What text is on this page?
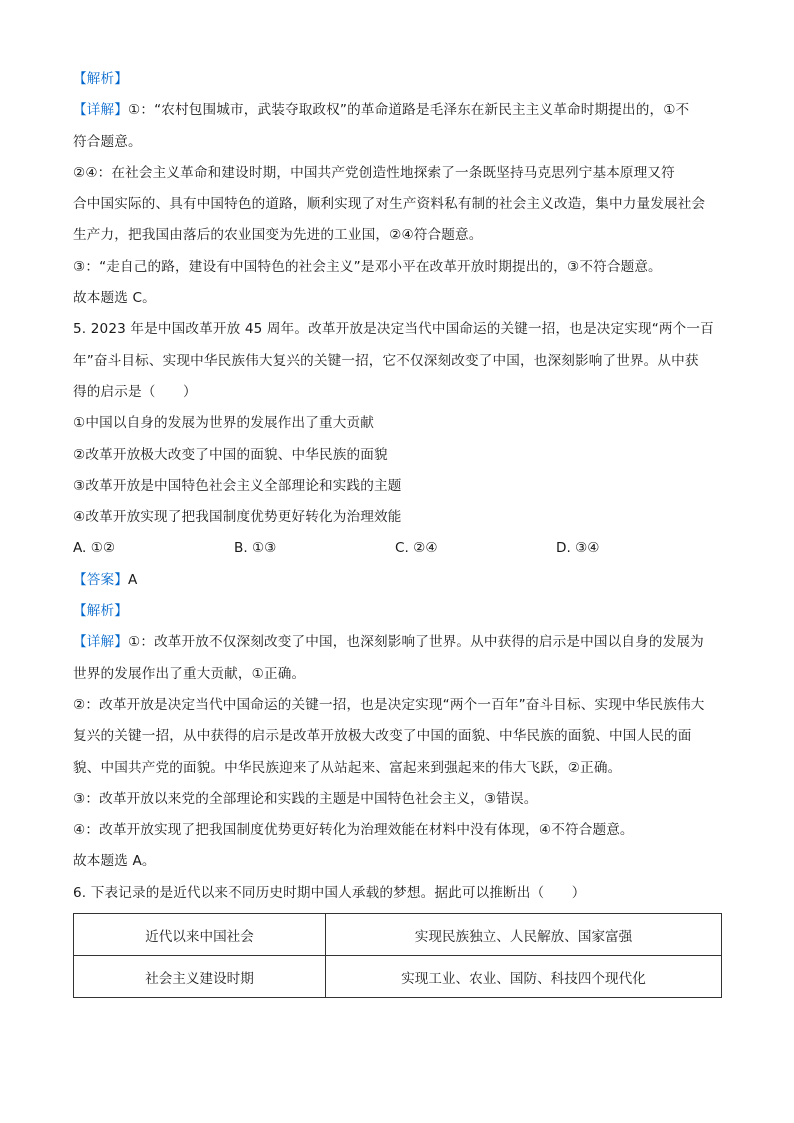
【解析】
【详解】①：“农村包围城市，武装夺取政权”的革命道路是毛泽东在新民主主义革命时期提出的，①不
符合题意。
②④：在社会主义革命和建设时期，中国共产党创造性地探索了一条既坚持马克思列宁基本原理又符
合中国实际的、具有中国特色的道路，顺利实现了对生产资料私有制的社会主义改造，集中力量发展社会
生产力，把我国由落后的农业国变为先进的工业国，②④符合题意。
③：“走自己的路，建设有中国特色的社会主义”是邓小平在改革开放时期提出的，③不符合题意。
故本题选 C。
5. 2023 年是中国改革开放 45 周年。改革开放是决定当代中国命运的关键一招，也是决定实现“两个一百
年”奋斗目标、实现中华民族伟大复兴的关键一招，它不仅深刻改变了中国，也深刻影响了世界。从中获
得的启示是（　　）
①中国以自身的发展为世界的发展作出了重大贡献
②改革开放极大改变了中国的面貌、中华民族的面貌
③改革开放是中国特色社会主义全部理论和实践的主题
④改革开放实现了把我国制度优势更好转化为治理效能
A. ①②	B. ①③	C. ②④	D. ③④
【答案】A
【解析】
【详解】①：改革开放不仅深刻改变了中国，也深刻影响了世界。从中获得的启示是中国以自身的发展为
世界的发展作出了重大贡献，①正确。
②：改革开放是决定当代中国命运的关键一招，也是决定实现“两个一百年”奋斗目标、实现中华民族伟大
复兴的关键一招，从中获得的启示是改革开放极大改变了中国的面貌、中华民族的面貌、中国人民的面
貌、中国共产党的面貌。中华民族迎来了从站起来、富起来到强起来的伟大飞跃，②正确。
③：改革开放以来党的全部理论和实践的主题是中国特色社会主义，③错误。
④：改革开放实现了把我国制度优势更好转化为治理效能在材料中没有体现，④不符合题意。
故本题选 A。
6. 下表记录的是近代以来不同历史时期中国人承载的梦想。据此可以推断出（　　）
近代以来中国社会	实现民族独立、人民解放、国家富强
社会主义建设时期	实现工业、农业、国防、科技四个现代化
